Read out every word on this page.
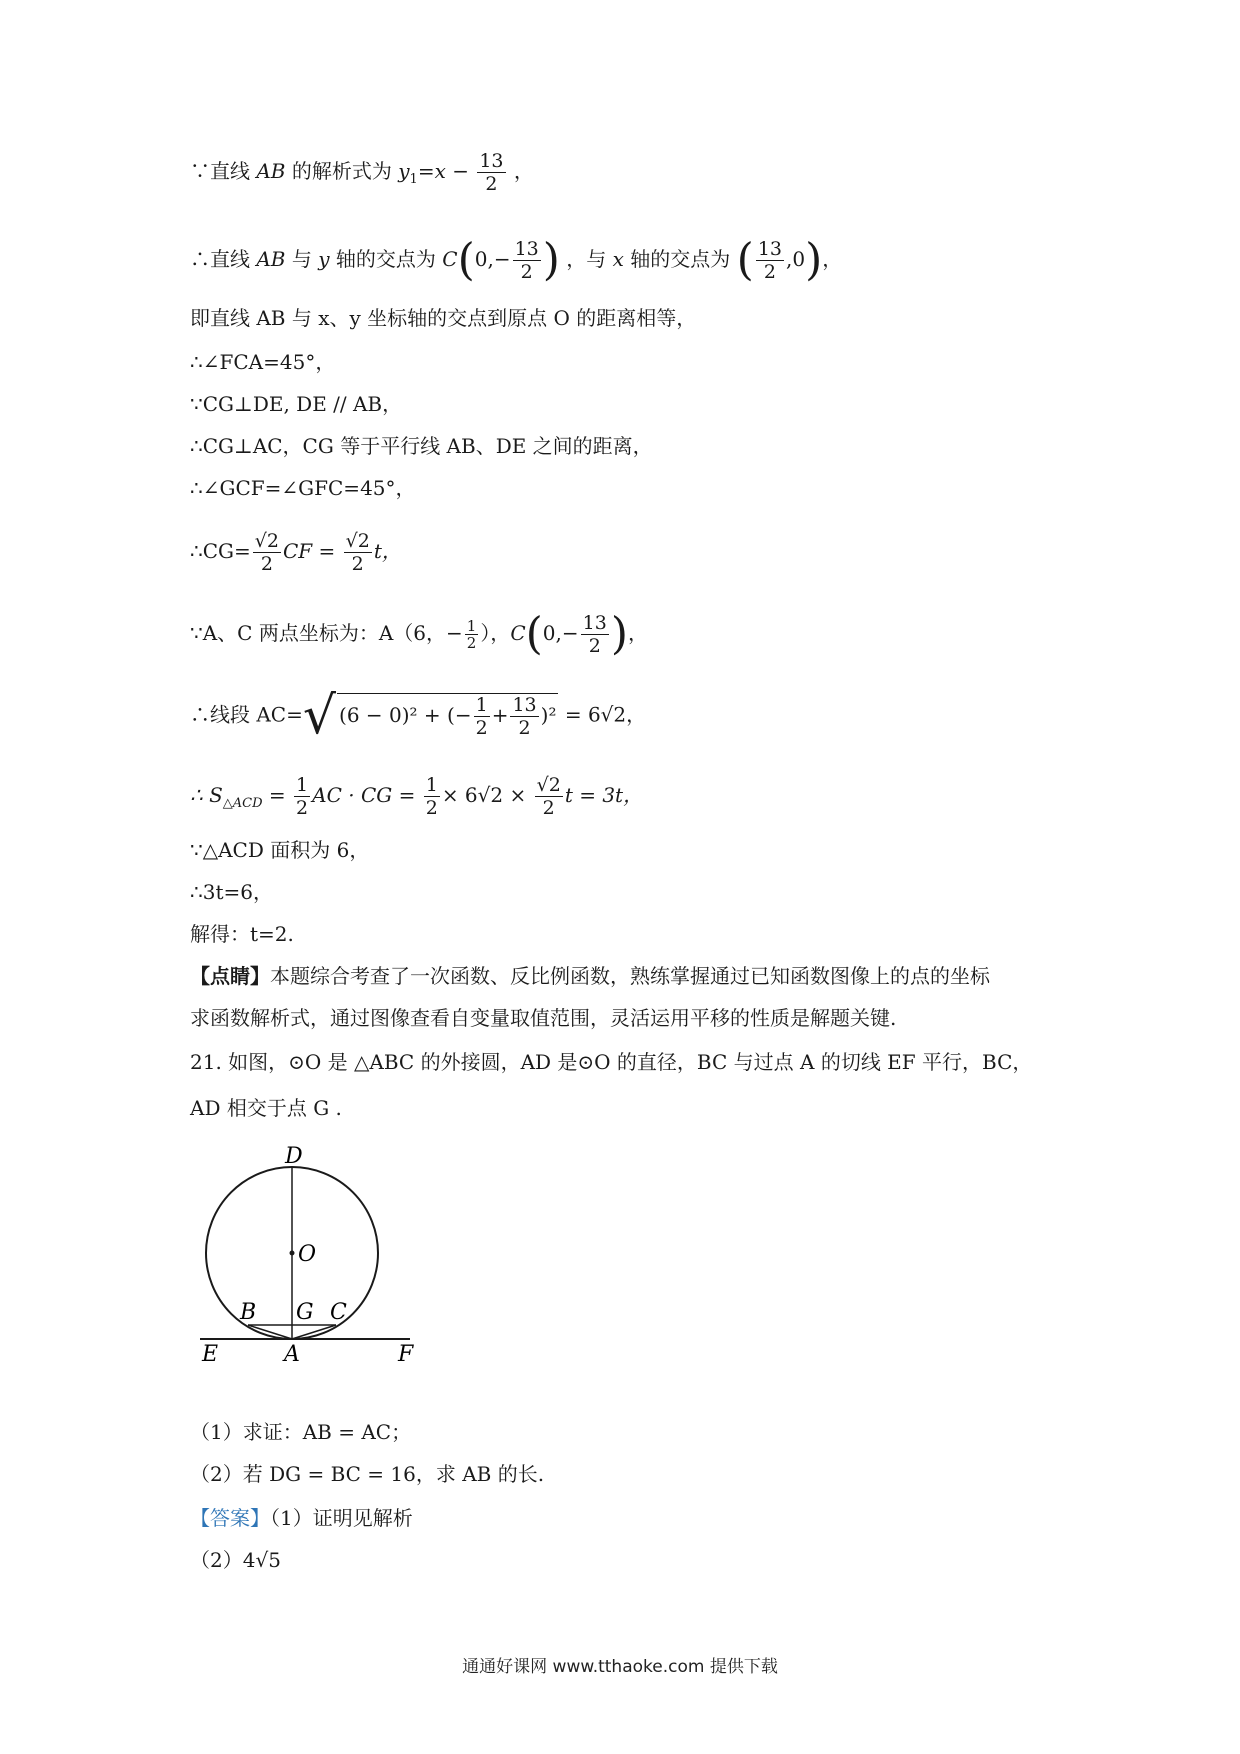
∵直线 AB 的解析式为 $y_1=x - \frac{13}{2}$ ，
∴直线 AB 与 y 轴的交点为 $C(0,- \frac{13}{2}$ ) ，与 x 轴的交点为 ( $\frac{13}{2} ,0$)，
即直线 AB 与 x、y 坐标轴的交点到原点 O 的距离相等，
∴∠FCA=45°，
∵CG⊥DE, DE // AB，
∴CG⊥AC，CG 等于平行线 AB、DE 之间的距离，
∴∠GCF=∠GFC=45°，
∴CG= $\frac{√2}{2}$ CF = $\frac{√2}{2}$ t，
∵A、C 两点坐标为：A（6，− $\frac{1}{2}$ ），$C(0,- \frac{13}{2}$ )，
∴线段 AC=√ (6 − 0)² + (− $\frac{1}{2} + \frac{13}{2} )^2 = 6√2$，
∴ $S_{\triangle ACD} = \frac{1}{2}$ AC · CG = $\frac{1}{2} \times 6√2 \times \frac{√2}{2}$ t = 3t，
∵△ACD 面积为 6，
∴3t=6，
解得：t=2.
【点睛】本题综合考查了一次函数、反比例函数，熟练掌握通过已知函数图像上的点的坐标
求函数解析式，通过图像查看自变量取值范围，灵活运用平移的性质是解题关键.
21. 如图，⊙O 是 △ABC 的外接圆，AD 是⊙O 的直径，BC 与过点 A 的切线 EF 平行，BC，
AD 相交于点 G .
D
O
B G C
E	A	F
（1）求证：AB = AC；
（2）若 DG = BC = 16，求 AB 的长.
【答案】（1）证明见解析
（2）4√5
通通好课网 www.tthaoke.com 提供下载
